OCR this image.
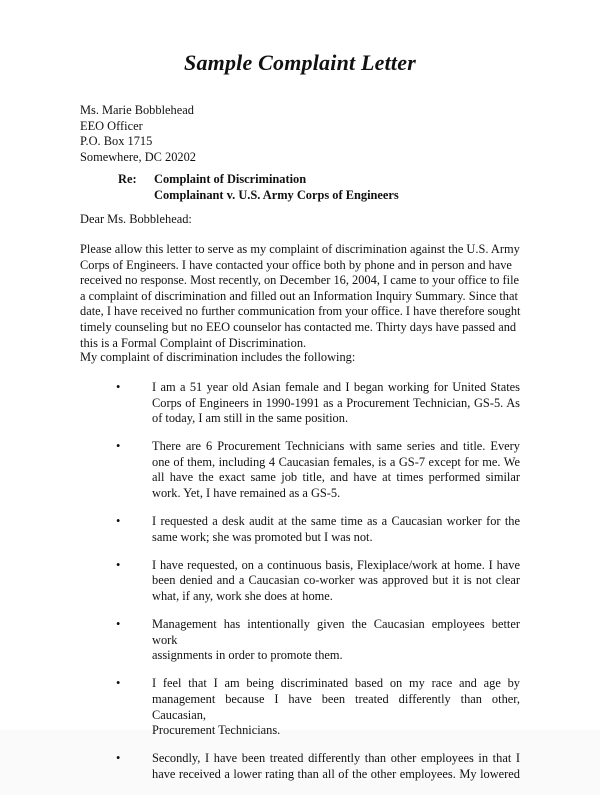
Sample Complaint Letter
Ms. Marie Bobblehead
EEO Officer
P.O. Box 1715
Somewhere, DC 20202
Re: Complaint of Discrimination
Complainant v. U.S. Army Corps of Engineers
Dear Ms. Bobblehead:
Please allow this letter to serve as my complaint of discrimination against the U.S. Army
Corps of Engineers. I have contacted your office both by phone and in person and have
received no response. Most recently, on December 16, 2004, I came to your office to file
a complaint of discrimination and filled out an Information Inquiry Summary. Since that
date, I have received no further communication from your office. I have therefore sought
timely counseling but no EEO counselor has contacted me. Thirty days have passed and
this is a Formal Complaint of Discrimination.
My complaint of discrimination includes the following:
•	I am a 51 year old Asian female and I began working for United States
Corps of Engineers in 1990-1991 as a Procurement Technician, GS-5. As
of today, I am still in the same position.
•	There are 6 Procurement Technicians with same series and title. Every
one of them, including 4 Caucasian females, is a GS-7 except for me. We
all have the exact same job title, and have at times performed similar
work. Yet, I have remained as a GS-5.
•	I requested a desk audit at the same time as a Caucasian worker for the
same work; she was promoted but I was not.
•	I have requested, on a continuous basis, Flexiplace/work at home. I have
been denied and a Caucasian co-worker was approved but it is not clear
what, if any, work she does at home.
•	Management has intentionally given the Caucasian employees better work
assignments in order to promote them.
•	I feel that I am being discriminated based on my race and age by
management because I have been treated differently than other, Caucasian,
Procurement Technicians.
•	Secondly, I have been treated differently than other employees in that I
have received a lower rating than all of the other employees. My lowered
